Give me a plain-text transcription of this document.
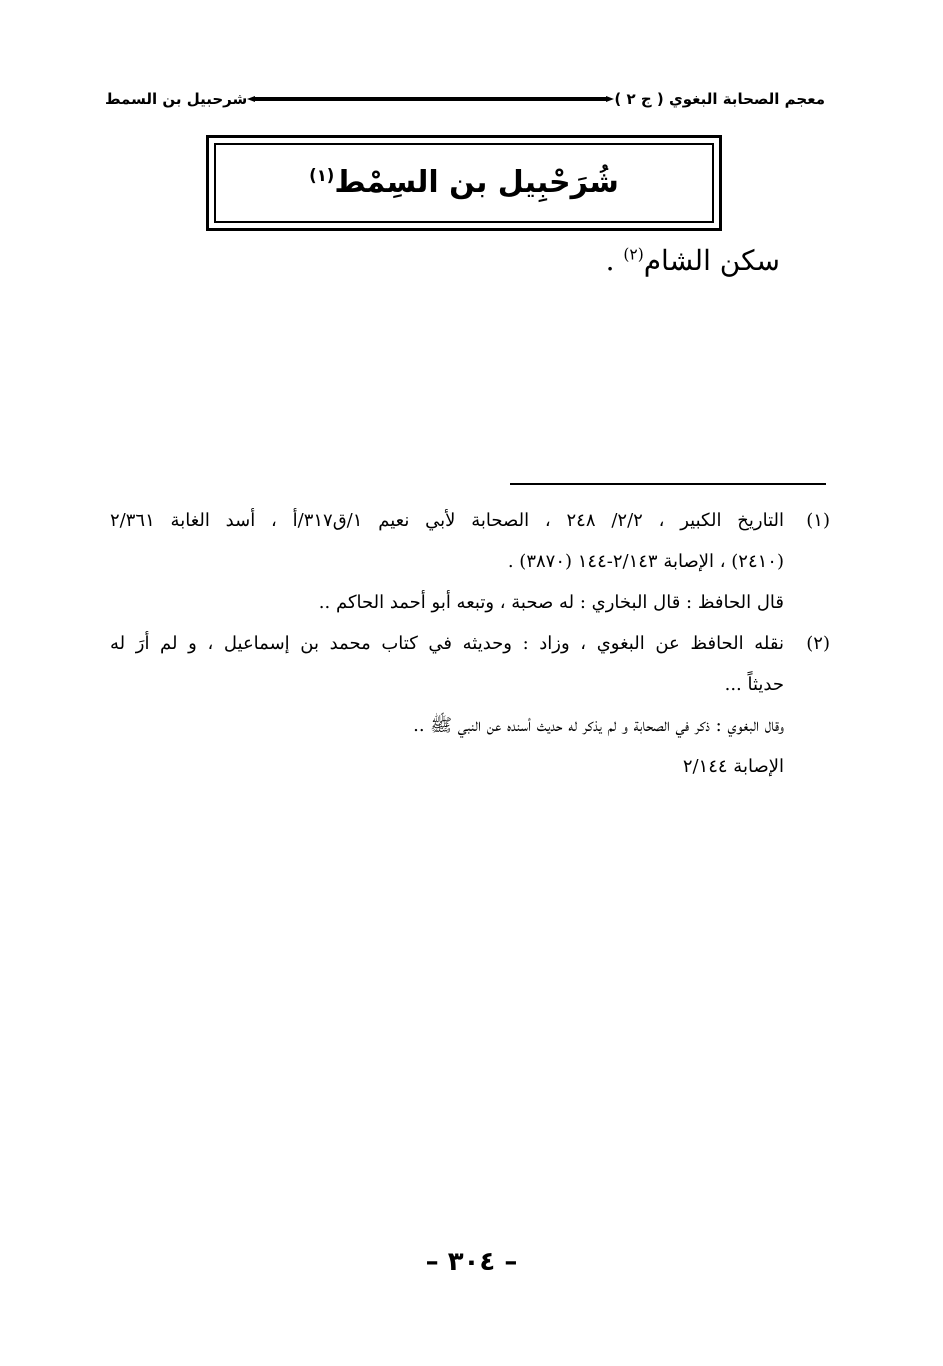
معجم الصحابة البغوي ( ج ٢ )
شرحبيل بن السمط
شُرَحْبِيل بن السِمْط$^{(١)}$
سكن الشام$^{(٢)}$ .
(١)
التاريخ الكبير ، ٢/٢/ ٢٤٨ ، الصحابة لأبي نعيم ١/ق٣١٧/أ ، أسد الغابة ٢/٣٦١
(٢٤١٠) ، الإصابة ٢/١٤٣-١٤٤ (٣٨٧٠) .
قال الحافظ : قال البخاري : له صحبة ، وتبعه أبو أحمد الحاكم ..
(٢)
نقله الحافظ عن البغوي ، وزاد : وحديثه في كتاب محمد بن إسماعيل ، و لم أرَ له
حديثاً ...
وقال البغوي : ذكر في الصحابة و لم يذكر له حديث أسنده عن النبي ﷺ ..
الإصابة ٢/١٤٤
– ٣٠٤ –
